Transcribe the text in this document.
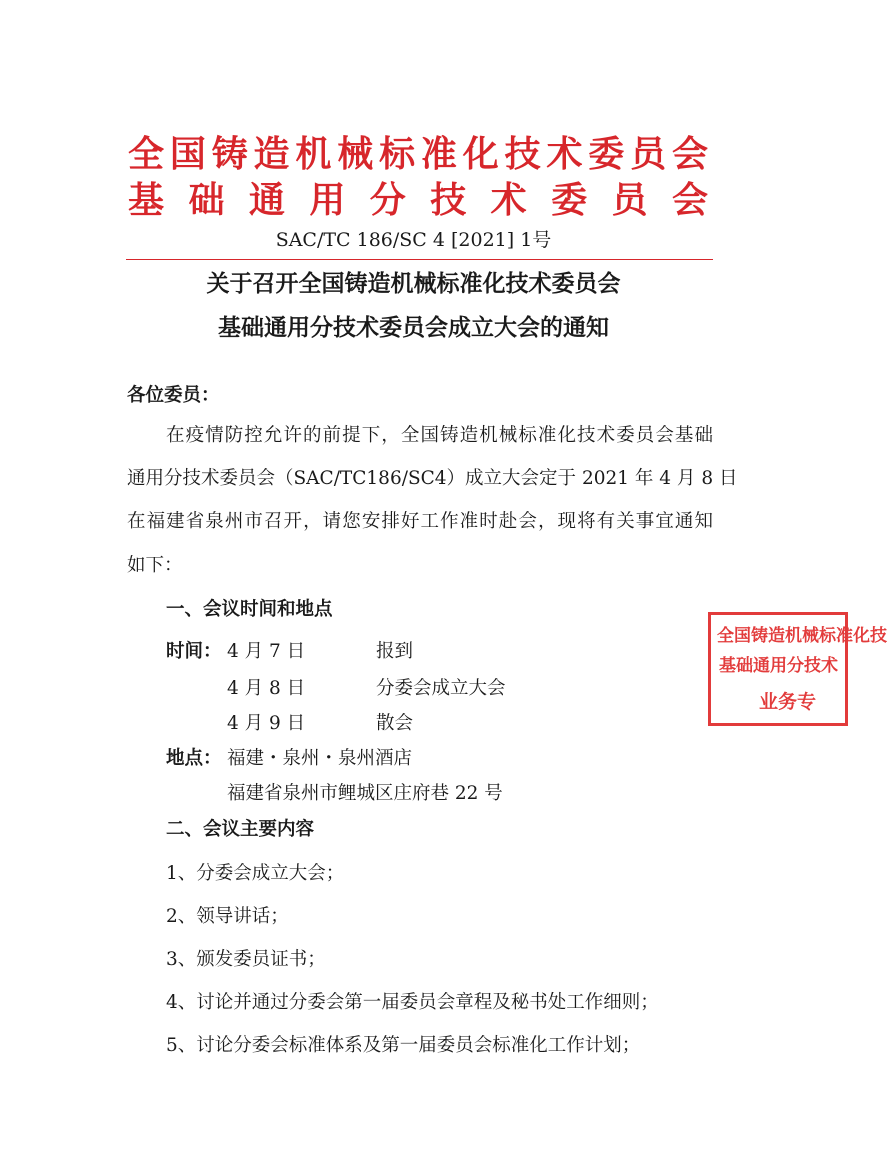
全国铸造机械标准化技术委员会
基础通用分技术委员会
SAC/TC 186/SC 4 [2021] 1号
关于召开全国铸造机械标准化技术委员会
基础通用分技术委员会成立大会的通知
各位委员：
在疫情防控允许的前提下，全国铸造机械标准化技术委员会基础
通用分技术委员会（SAC/TC186/SC4）成立大会定于 2021 年 4 月 8 日
在福建省泉州市召开，请您安排好工作准时赴会，现将有关事宜通知
如下：
一、会议时间和地点
时间： 4 月 7 日	报到
4 月 8 日	分委会成立大会
4 月 9 日	散会
地点： 福建・泉州・泉州酒店
福建省泉州市鲤城区庄府巷 22 号
二、会议主要内容
1、分委会成立大会；
2、领导讲话；
3、颁发委员证书；
4、讨论并通过分委会第一届委员会章程及秘书处工作细则；
5、讨论分委会标准体系及第一届委员会标准化工作计划；
全国铸造机械标准化技
基础通用分技术
业务专
